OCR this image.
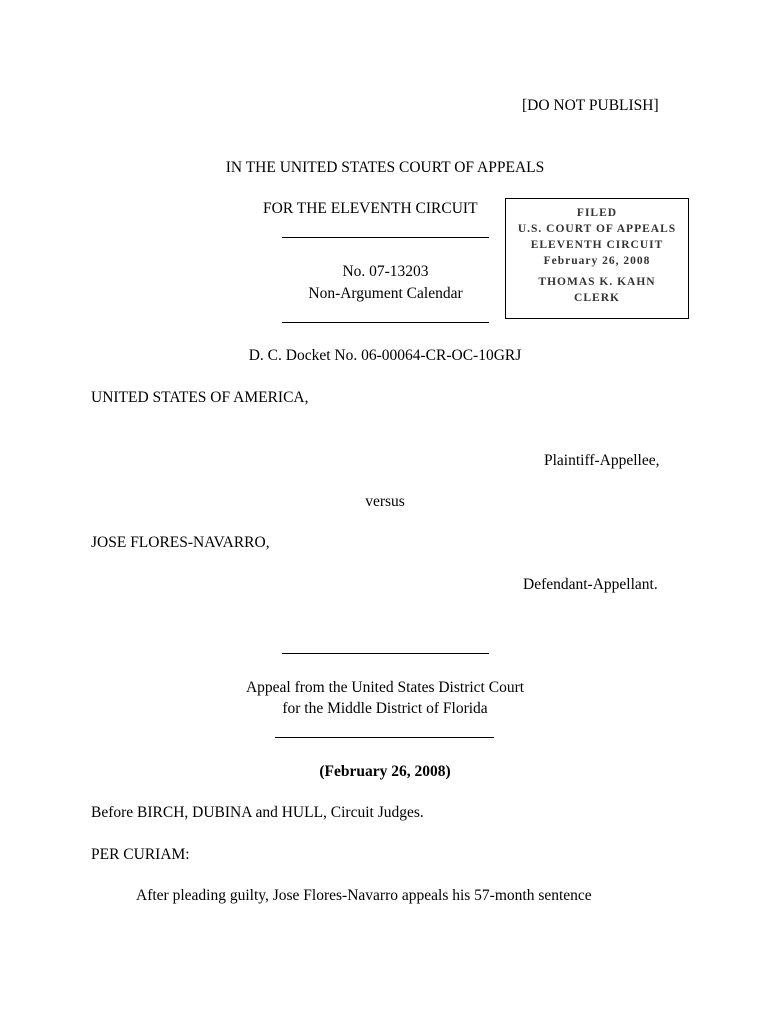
[DO NOT PUBLISH]
IN THE UNITED STATES COURT OF APPEALS
FOR THE ELEVENTH CIRCUIT
No. 07-13203
Non-Argument Calendar
FILED
U.S. COURT OF APPEALS
ELEVENTH CIRCUIT
February 26, 2008
THOMAS K. KAHN
CLERK
D. C. Docket No. 06-00064-CR-OC-10GRJ
UNITED STATES OF AMERICA,
Plaintiff-Appellee,
versus
JOSE FLORES-NAVARRO,
Defendant-Appellant.
Appeal from the United States District Court
for the Middle District of Florida
(February 26, 2008)
Before BIRCH, DUBINA and HULL, Circuit Judges.
PER CURIAM:
After pleading guilty, Jose Flores-Navarro appeals his 57-month sentence
